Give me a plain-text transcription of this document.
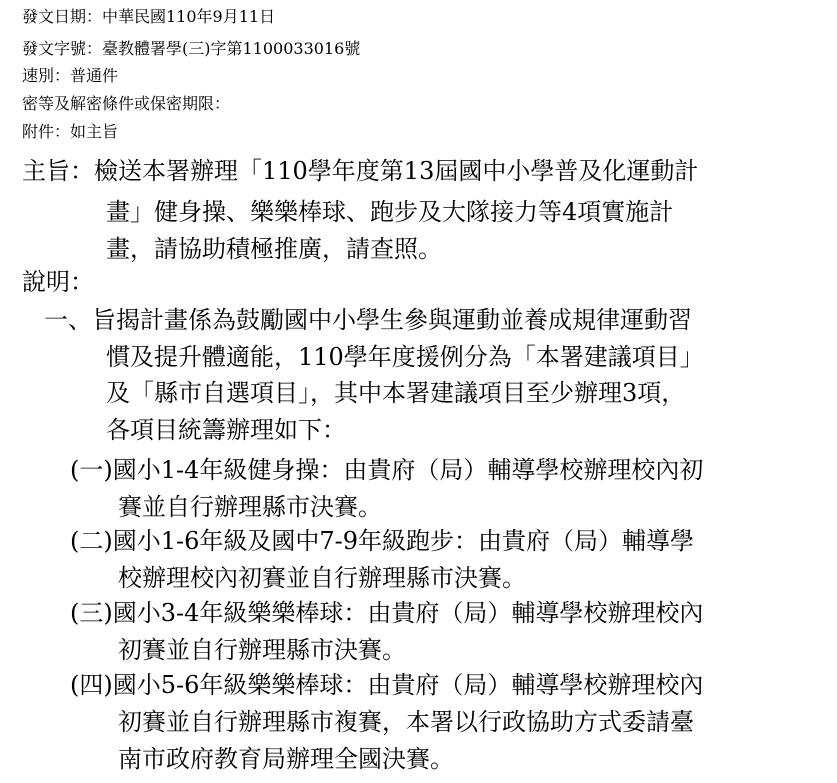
發文日期：中華民國110年9月11日
發文字號：臺教體署學(三)字第1100033016號
速別：普通件
密等及解密條件或保密期限：
附件：如主旨
主旨：檢送本署辦理「110學年度第13屆國中小學普及化運動計
畫」健身操、樂樂棒球、跑步及大隊接力等4項實施計
畫，請協助積極推廣，請查照。
說明：
一、旨揭計畫係為鼓勵國中小學生參與運動並養成規律運動習
慣及提升體適能，110學年度援例分為「本署建議項目」
及「縣市自選項目」，其中本署建議項目至少辦理3項，
各項目統籌辦理如下：
(一)國小1-4年級健身操：由貴府（局）輔導學校辦理校內初
賽並自行辦理縣市決賽。
(二)國小1-6年級及國中7-9年級跑步：由貴府（局）輔導學
校辦理校內初賽並自行辦理縣市決賽。
(三)國小3-4年級樂樂棒球：由貴府（局）輔導學校辦理校內
初賽並自行辦理縣市決賽。
(四)國小5-6年級樂樂棒球：由貴府（局）輔導學校辦理校內
初賽並自行辦理縣市複賽，本署以行政協助方式委請臺
南市政府教育局辦理全國決賽。
